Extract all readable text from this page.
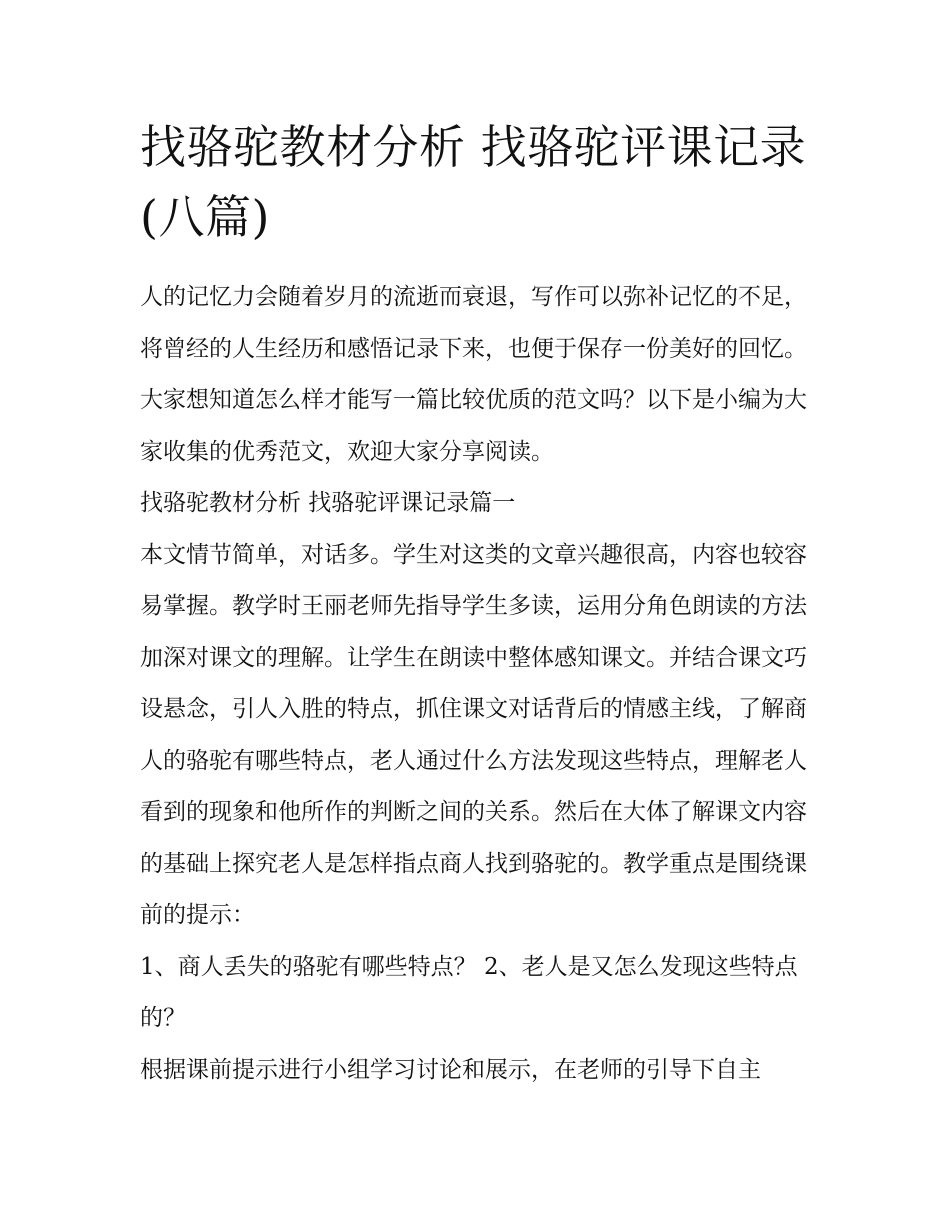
找骆驼教材分析 找骆驼评课记录(八篇)

人的记忆力会随着岁月的流逝而衰退，写作可以弥补记忆的不足，将曾经的人生经历和感悟记录下来，也便于保存一份美好的回忆。大家想知道怎么样才能写一篇比较优质的范文吗？以下是小编为大家收集的优秀范文，欢迎大家分享阅读。

找骆驼教材分析 找骆驼评课记录篇一

本文情节简单，对话多。学生对这类的文章兴趣很高，内容也较容易掌握。教学时王丽老师先指导学生多读，运用分角色朗读的方法加深对课文的理解。让学生在朗读中整体感知课文。并结合课文巧设悬念，引人入胜的特点，抓住课文对话背后的情感主线，了解商人的骆驼有哪些特点，老人通过什么方法发现这些特点，理解老人看到的现象和他所作的判断之间的关系。然后在大体了解课文内容的基础上探究老人是怎样指点商人找到骆驼的。教学重点是围绕课前的提示：

1、商人丢失的骆驼有哪些特点？ 2、老人是又怎么发现这些特点的？

根据课前提示进行小组学习讨论和展示，在老师的引导下自主
